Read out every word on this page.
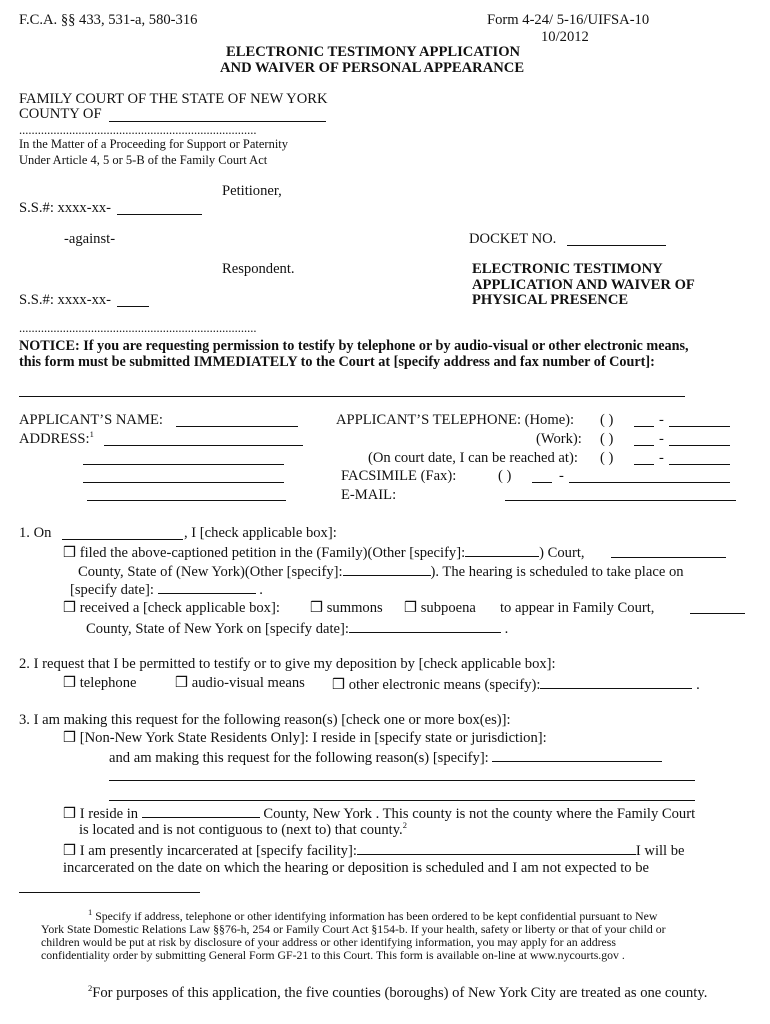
F.C.A. §§ 433, 531-a, 580-316	Form 4-24/ 5-16/UIFSA-10
10/2012
ELECTRONIC TESTIMONY APPLICATION
AND WAIVER OF PERSONAL APPEARANCE
FAMILY COURT OF THE STATE OF NEW YORK
COUNTY OF
............................................................................
In the Matter of a Proceeding for Support or Paternity
Under Article 4, 5 or 5-B of the Family Court Act
Petitioner,
S.S.#: xxxx-xx-
-against-	DOCKET NO.
Respondent.	ELECTRONIC TESTIMONY
APPLICATION AND WAIVER OF
PHYSICAL PRESENCE
S.S.#: xxxx-xx-
............................................................................
NOTICE: If you are requesting permission to testify by telephone or by audio-visual or other electronic means,
this form must be submitted IMMEDIATELY to the Court at [specify address and fax number of Court]:
APPLICANT’S NAME:
ADDRESS:$^1$
APPLICANT’S TELEPHONE: (Home): ( )	-
(Work): ( )	-
(On court date, I can be reached at): ( )	-
FACSIMILE (Fax):	( )	-
E-MAIL:
1. On	, I [check applicable box]:
❒ filed the above-captioned petition in the (Family)(Other [specify]:	) Court,
County, State of (New York)(Other [specify]:	). The hearing is scheduled to take place on
[specify date]:	.
❒ received a [check applicable box]: ❒ summons ❒ subpoena to appear in Family Court,
County, State of New York on [specify date]:	.
2. I request that I be permitted to testify or to give my deposition by [check applicable box]:
❒ telephone	❒ audio-visual means ❒ other electronic means (specify):	.
3. I am making this request for the following reason(s) [check one or more box(es)]:
❒ [Non-New York State Residents Only]: I reside in [specify state or jurisdiction]:
and am making this request for the following reason(s) [specify]:
❒ I reside in	County, New York . This county is not the county where the Family Court
is located and is not contiguous to (next to) that county.$^2$
❒ I am presently incarcerated at [specify facility]:	I will be
incarcerated on the date on which the hearing or deposition is scheduled and I am not expected to be
$^1$ Specify if address, telephone or other identifying information has been ordered to be kept confidential pursuant to New
York State Domestic Relations Law §§76-h, 254 or Family Court Act §154-b. If your health, safety or liberty or that of your child or
children would be put at risk by disclosure of your address or other identifying information, you may apply for an address
confidentiality order by submitting General Form GF-21 to this Court. This form is available on-line at www.nycourts.gov .
$^2$For purposes of this application, the five counties (boroughs) of New York City are treated as one county.
